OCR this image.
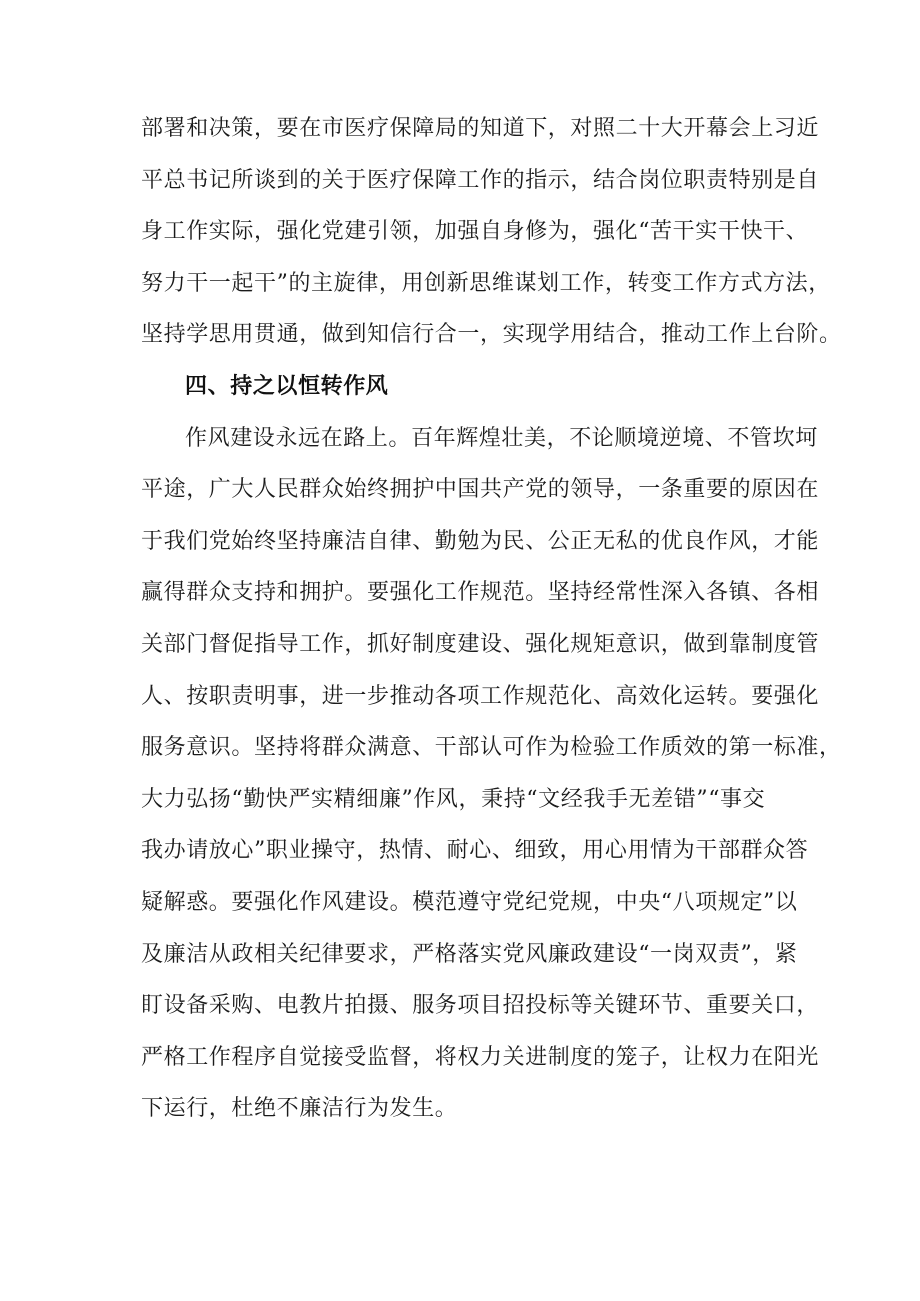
部署和决策，要在市医疗保障局的知道下，对照二十大开幕会上习近
平总书记所谈到的关于医疗保障工作的指示，结合岗位职责特别是自
身工作实际，强化党建引领，加强自身修为，强化“苦干实干快干、
努力干一起干”的主旋律，用创新思维谋划工作，转变工作方式方法，
坚持学思用贯通，做到知信行合一，实现学用结合，推动工作上台阶。
四、持之以恒转作风
作风建设永远在路上。百年辉煌壮美，不论顺境逆境、不管坎坷
平途，广大人民群众始终拥护中国共产党的领导，一条重要的原因在
于我们党始终坚持廉洁自律、勤勉为民、公正无私的优良作风，才能
赢得群众支持和拥护。要强化工作规范。坚持经常性深入各镇、各相
关部门督促指导工作，抓好制度建设、强化规矩意识，做到靠制度管
人、按职责明事，进一步推动各项工作规范化、高效化运转。要强化
服务意识。坚持将群众满意、干部认可作为检验工作质效的第一标准，
大力弘扬“勤快严实精细廉”作风，秉持“文经我手无差错”“事交
我办请放心”职业操守，热情、耐心、细致，用心用情为干部群众答
疑解惑。要强化作风建设。模范遵守党纪党规，中央“八项规定”以
及廉洁从政相关纪律要求，严格落实党风廉政建设“一岗双责”，紧
盯设备采购、电教片拍摄、服务项目招投标等关键环节、重要关口，
严格工作程序自觉接受监督，将权力关进制度的笼子，让权力在阳光
下运行，杜绝不廉洁行为发生。
